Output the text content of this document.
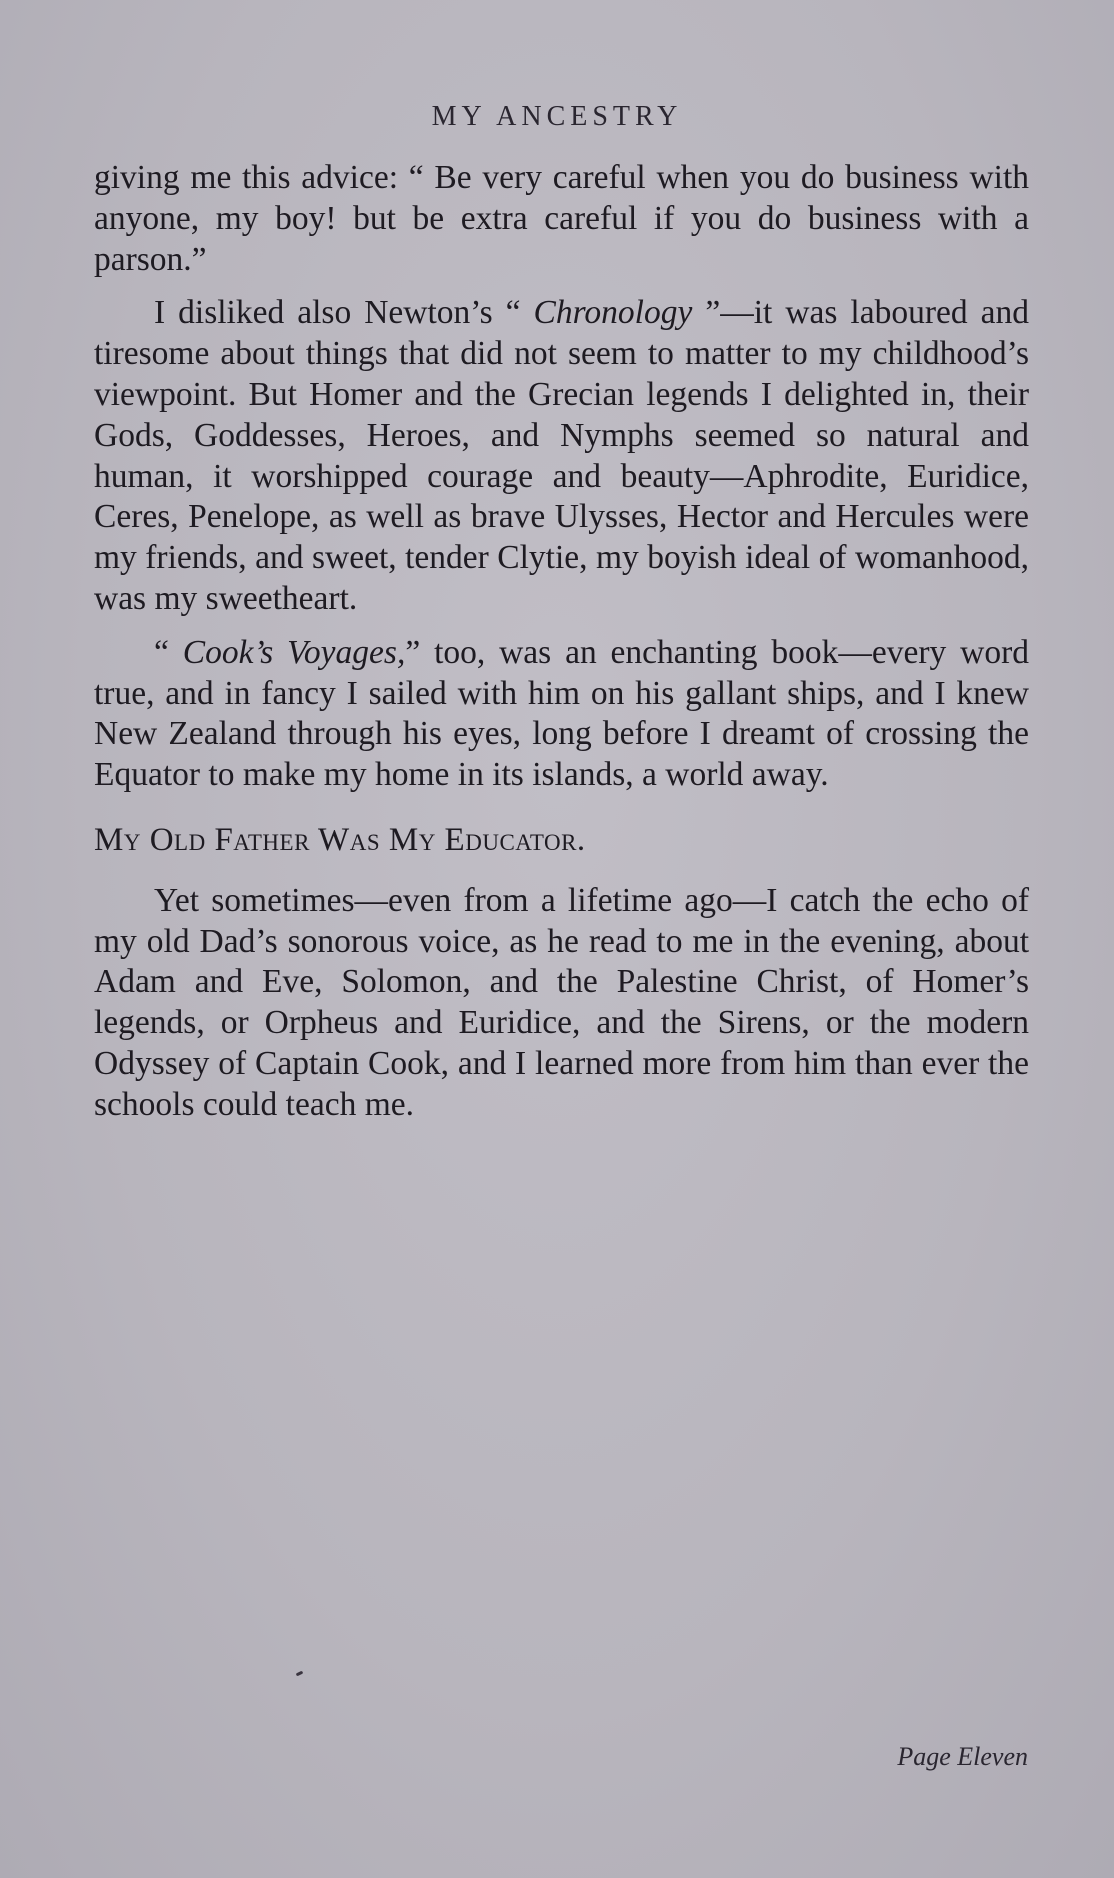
MY ANCESTRY

giving me this advice: “ Be very careful when you do business with anyone, my boy! but be extra careful if you do business with a parson.”

I disliked also Newton’s “ Chronology ”—it was laboured and tiresome about things that did not seem to matter to my childhood’s viewpoint. But Homer and the Grecian legends I delighted in, their Gods, Goddesses, Heroes, and Nymphs seemed so natural and human, it worshipped courage and beauty—Aphrodite, Euridice, Ceres, Penelope, as well as brave Ulysses, Hector and Hercules were my friends, and sweet, tender Clytie, my boyish ideal of womanhood, was my sweetheart.

“ Cook’s Voyages,” too, was an enchanting book—every word true, and in fancy I sailed with him on his gallant ships, and I knew New Zealand through his eyes, long before I dreamt of crossing the Equator to make my home in its islands, a world away.

My Old Father Was My Educator.

Yet sometimes—even from a lifetime ago—I catch the echo of my old Dad’s sonorous voice, as he read to me in the evening, about Adam and Eve, Solomon, and the Palestine Christ, of Homer’s legends, or Orpheus and Euridice, and the Sirens, or the modern Odyssey of Captain Cook, and I learned more from him than ever the schools could teach me.

Page Eleven
